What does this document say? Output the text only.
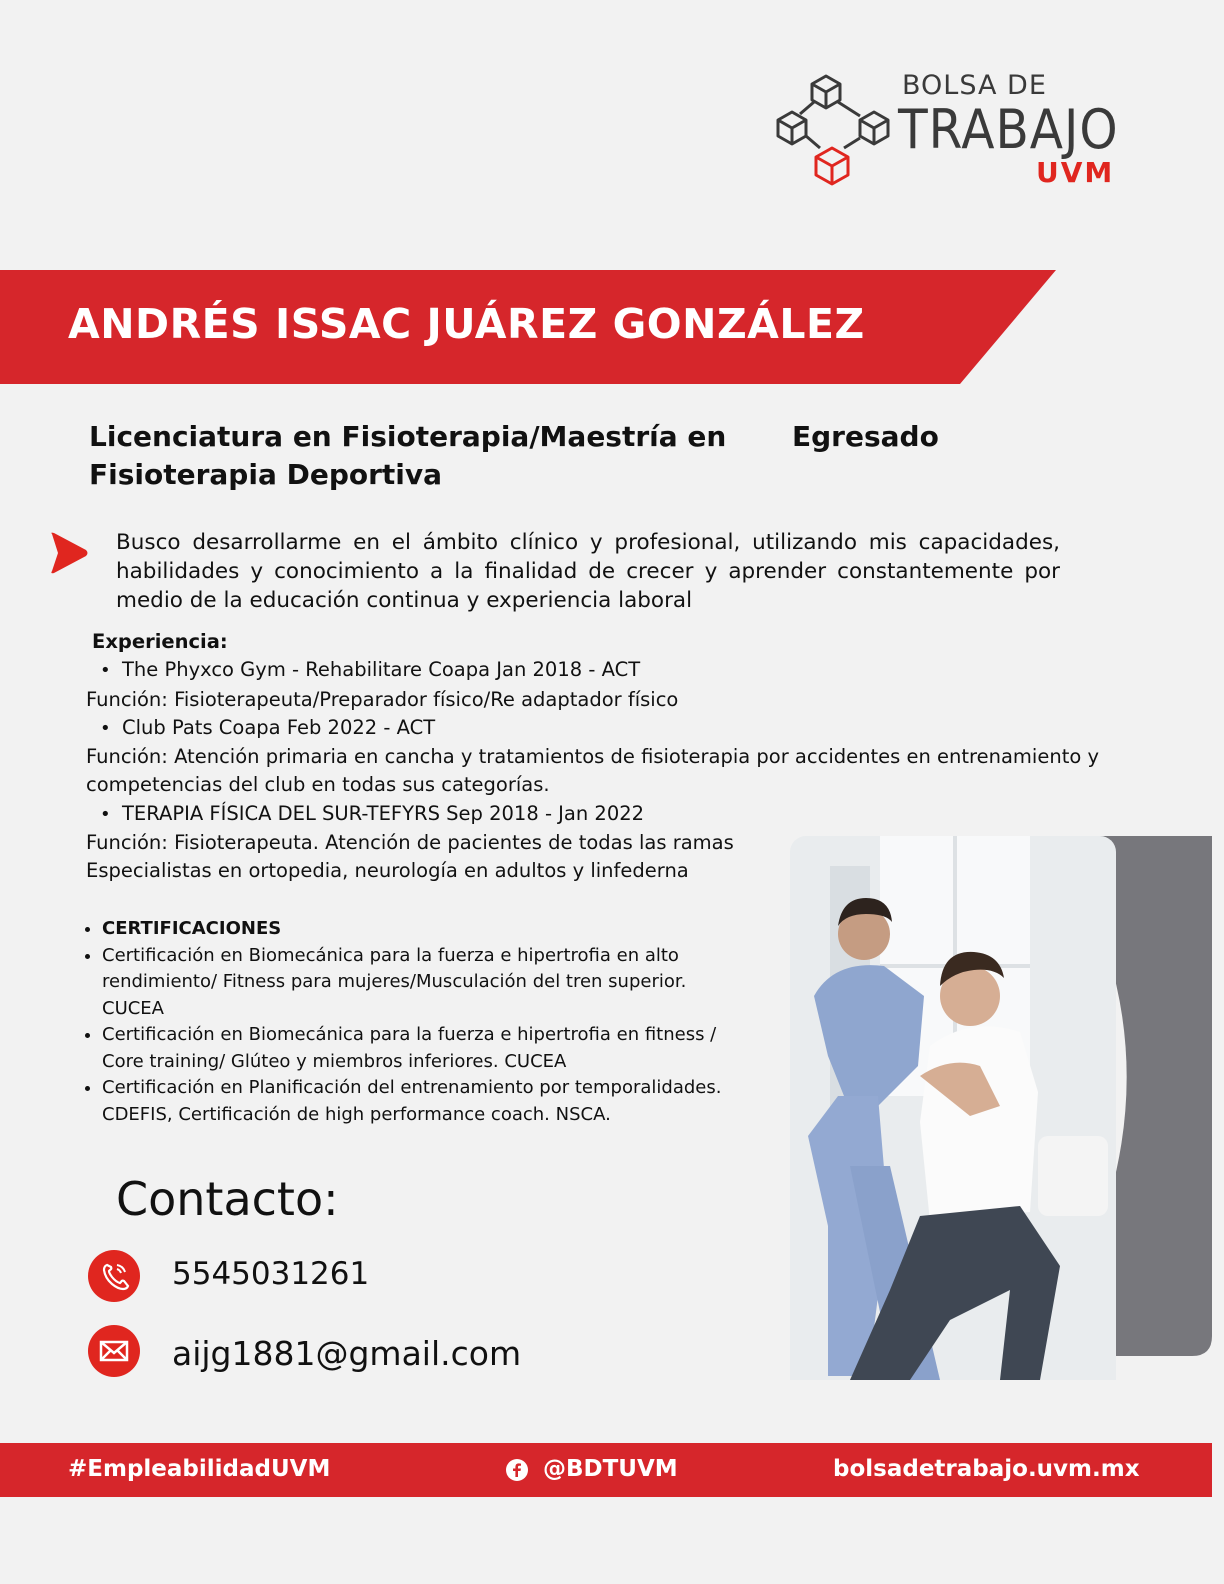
BOLSA DE
TRABAJO
UVM
ANDRÉS ISSAC JUÁREZ GONZÁLEZ
Licenciatura en Fisioterapia/Maestría en Fisioterapia Deportiva
Egresado
Busco desarrollarme en el ámbito clínico y profesional, utilizando mis capacidades, habilidades y conocimiento a la finalidad de crecer y aprender constantemente por medio de la educación continua y experiencia laboral
Experiencia:
• The Phyxco Gym - Rehabilitare Coapa Jan 2018 - ACT
Función: Fisioterapeuta/Preparador físico/Re adaptador físico
• Club Pats Coapa Feb 2022 - ACT
Función: Atención primaria en cancha y tratamientos de fisioterapia por accidentes en entrenamiento y competencias del club en todas sus categorías.
• TERAPIA FÍSICA DEL SUR-TEFYRS Sep 2018 - Jan 2022
Función: Fisioterapeuta. Atención de pacientes de todas las ramas
Especialistas en ortopedia, neurología en adultos y linfederna
• CERTIFICACIONES
• Certificación en Biomecánica para la fuerza e hipertrofia en alto rendimiento/ Fitness para mujeres/Musculación del tren superior. CUCEA
• Certificación en Biomecánica para la fuerza e hipertrofia en fitness / Core training/ Glúteo y miembros inferiores. CUCEA
• Certificación en Planificación del entrenamiento por temporalidades. CDEFIS, Certificación de high performance coach. NSCA.
Contacto:
5545031261
aijg1881@gmail.com
#EmpleabilidadUVM	@BDTUVM	bolsadetrabajo.uvm.mx
